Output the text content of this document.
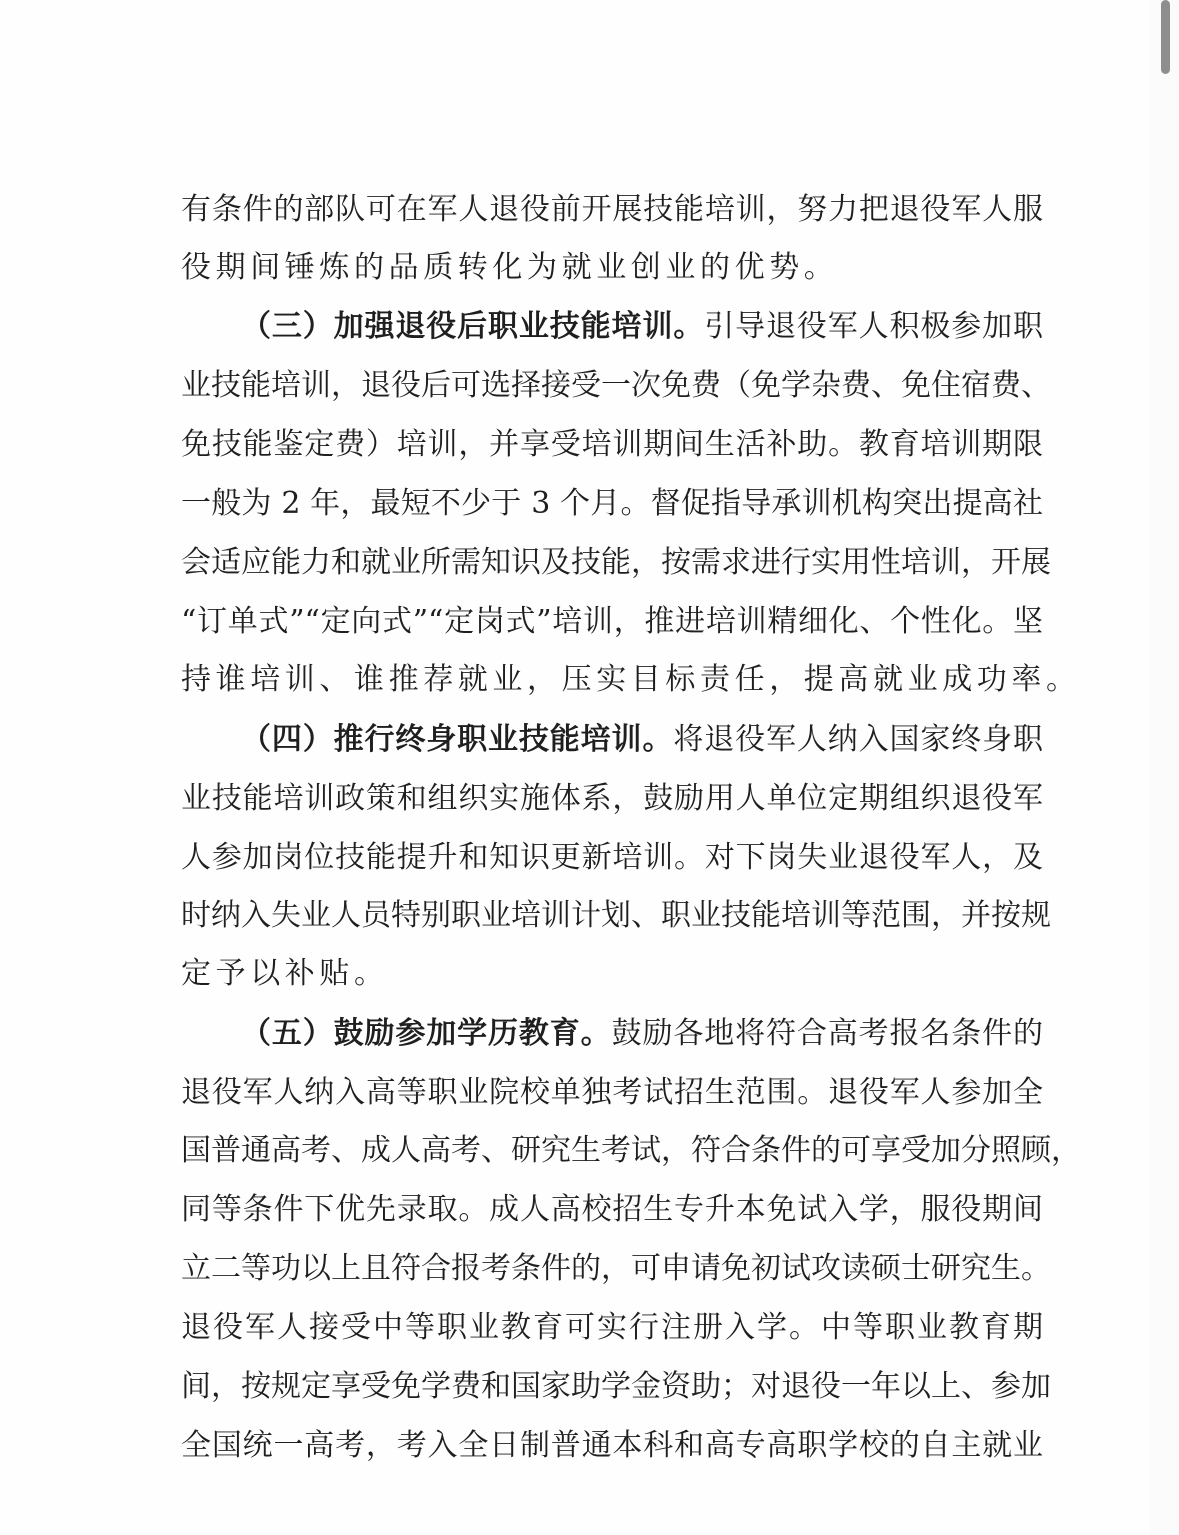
有条件的部队可在军人退役前开展技能培训，努力把退役军人服
役期间锤炼的品质转化为就业创业的优势。
（三）加强退役后职业技能培训。引导退役军人积极参加职
业技能培训，退役后可选择接受一次免费（免学杂费、免住宿费、
免技能鉴定费）培训，并享受培训期间生活补助。教育培训期限
一般为 2 年，最短不少于 3 个月。督促指导承训机构突出提高社
会适应能力和就业所需知识及技能，按需求进行实用性培训，开展
“订单式”“定向式”“定岗式”培训，推进培训精细化、个性化。坚
持谁培训、谁推荐就业，压实目标责任，提高就业成功率。
（四）推行终身职业技能培训。将退役军人纳入国家终身职
业技能培训政策和组织实施体系，鼓励用人单位定期组织退役军
人参加岗位技能提升和知识更新培训。对下岗失业退役军人，及
时纳入失业人员特别职业培训计划、职业技能培训等范围，并按规
定予以补贴。
（五）鼓励参加学历教育。鼓励各地将符合高考报名条件的
退役军人纳入高等职业院校单独考试招生范围。退役军人参加全
国普通高考、成人高考、研究生考试，符合条件的可享受加分照顾，
同等条件下优先录取。成人高校招生专升本免试入学，服役期间
立二等功以上且符合报考条件的，可申请免初试攻读硕士研究生。
退役军人接受中等职业教育可实行注册入学。中等职业教育期
间，按规定享受免学费和国家助学金资助；对退役一年以上、参加
全国统一高考，考入全日制普通本科和高专高职学校的自主就业
